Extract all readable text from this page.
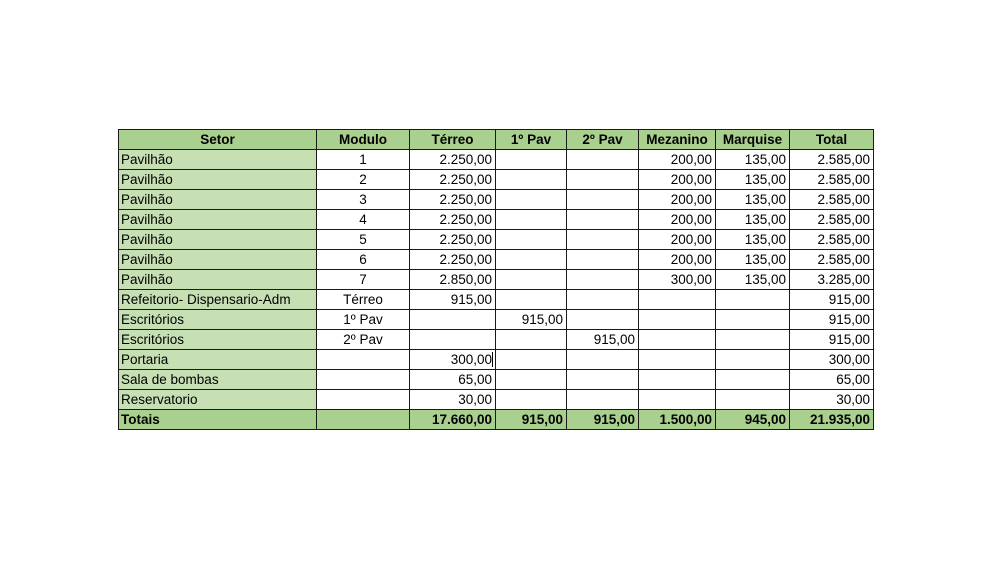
Setor	Modulo	Térreo	1º Pav	2º Pav	Mezanino	Marquise	Total
Pavilhão	1	2.250,00			200,00	135,00	2.585,00
Pavilhão	2	2.250,00			200,00	135,00	2.585,00
Pavilhão	3	2.250,00			200,00	135,00	2.585,00
Pavilhão	4	2.250,00			200,00	135,00	2.585,00
Pavilhão	5	2.250,00			200,00	135,00	2.585,00
Pavilhão	6	2.250,00			200,00	135,00	2.585,00
Pavilhão	7	2.850,00			300,00	135,00	3.285,00
Refeitorio- Dispensario-Adm	Térreo	915,00					915,00
Escritórios	1º Pav		915,00				915,00
Escritórios	2º Pav			915,00			915,00
Portaria		300,00					300,00
Sala de bombas		65,00					65,00
Reservatorio		30,00					30,00
Totais		17.660,00	915,00	915,00	1.500,00	945,00	21.935,00
